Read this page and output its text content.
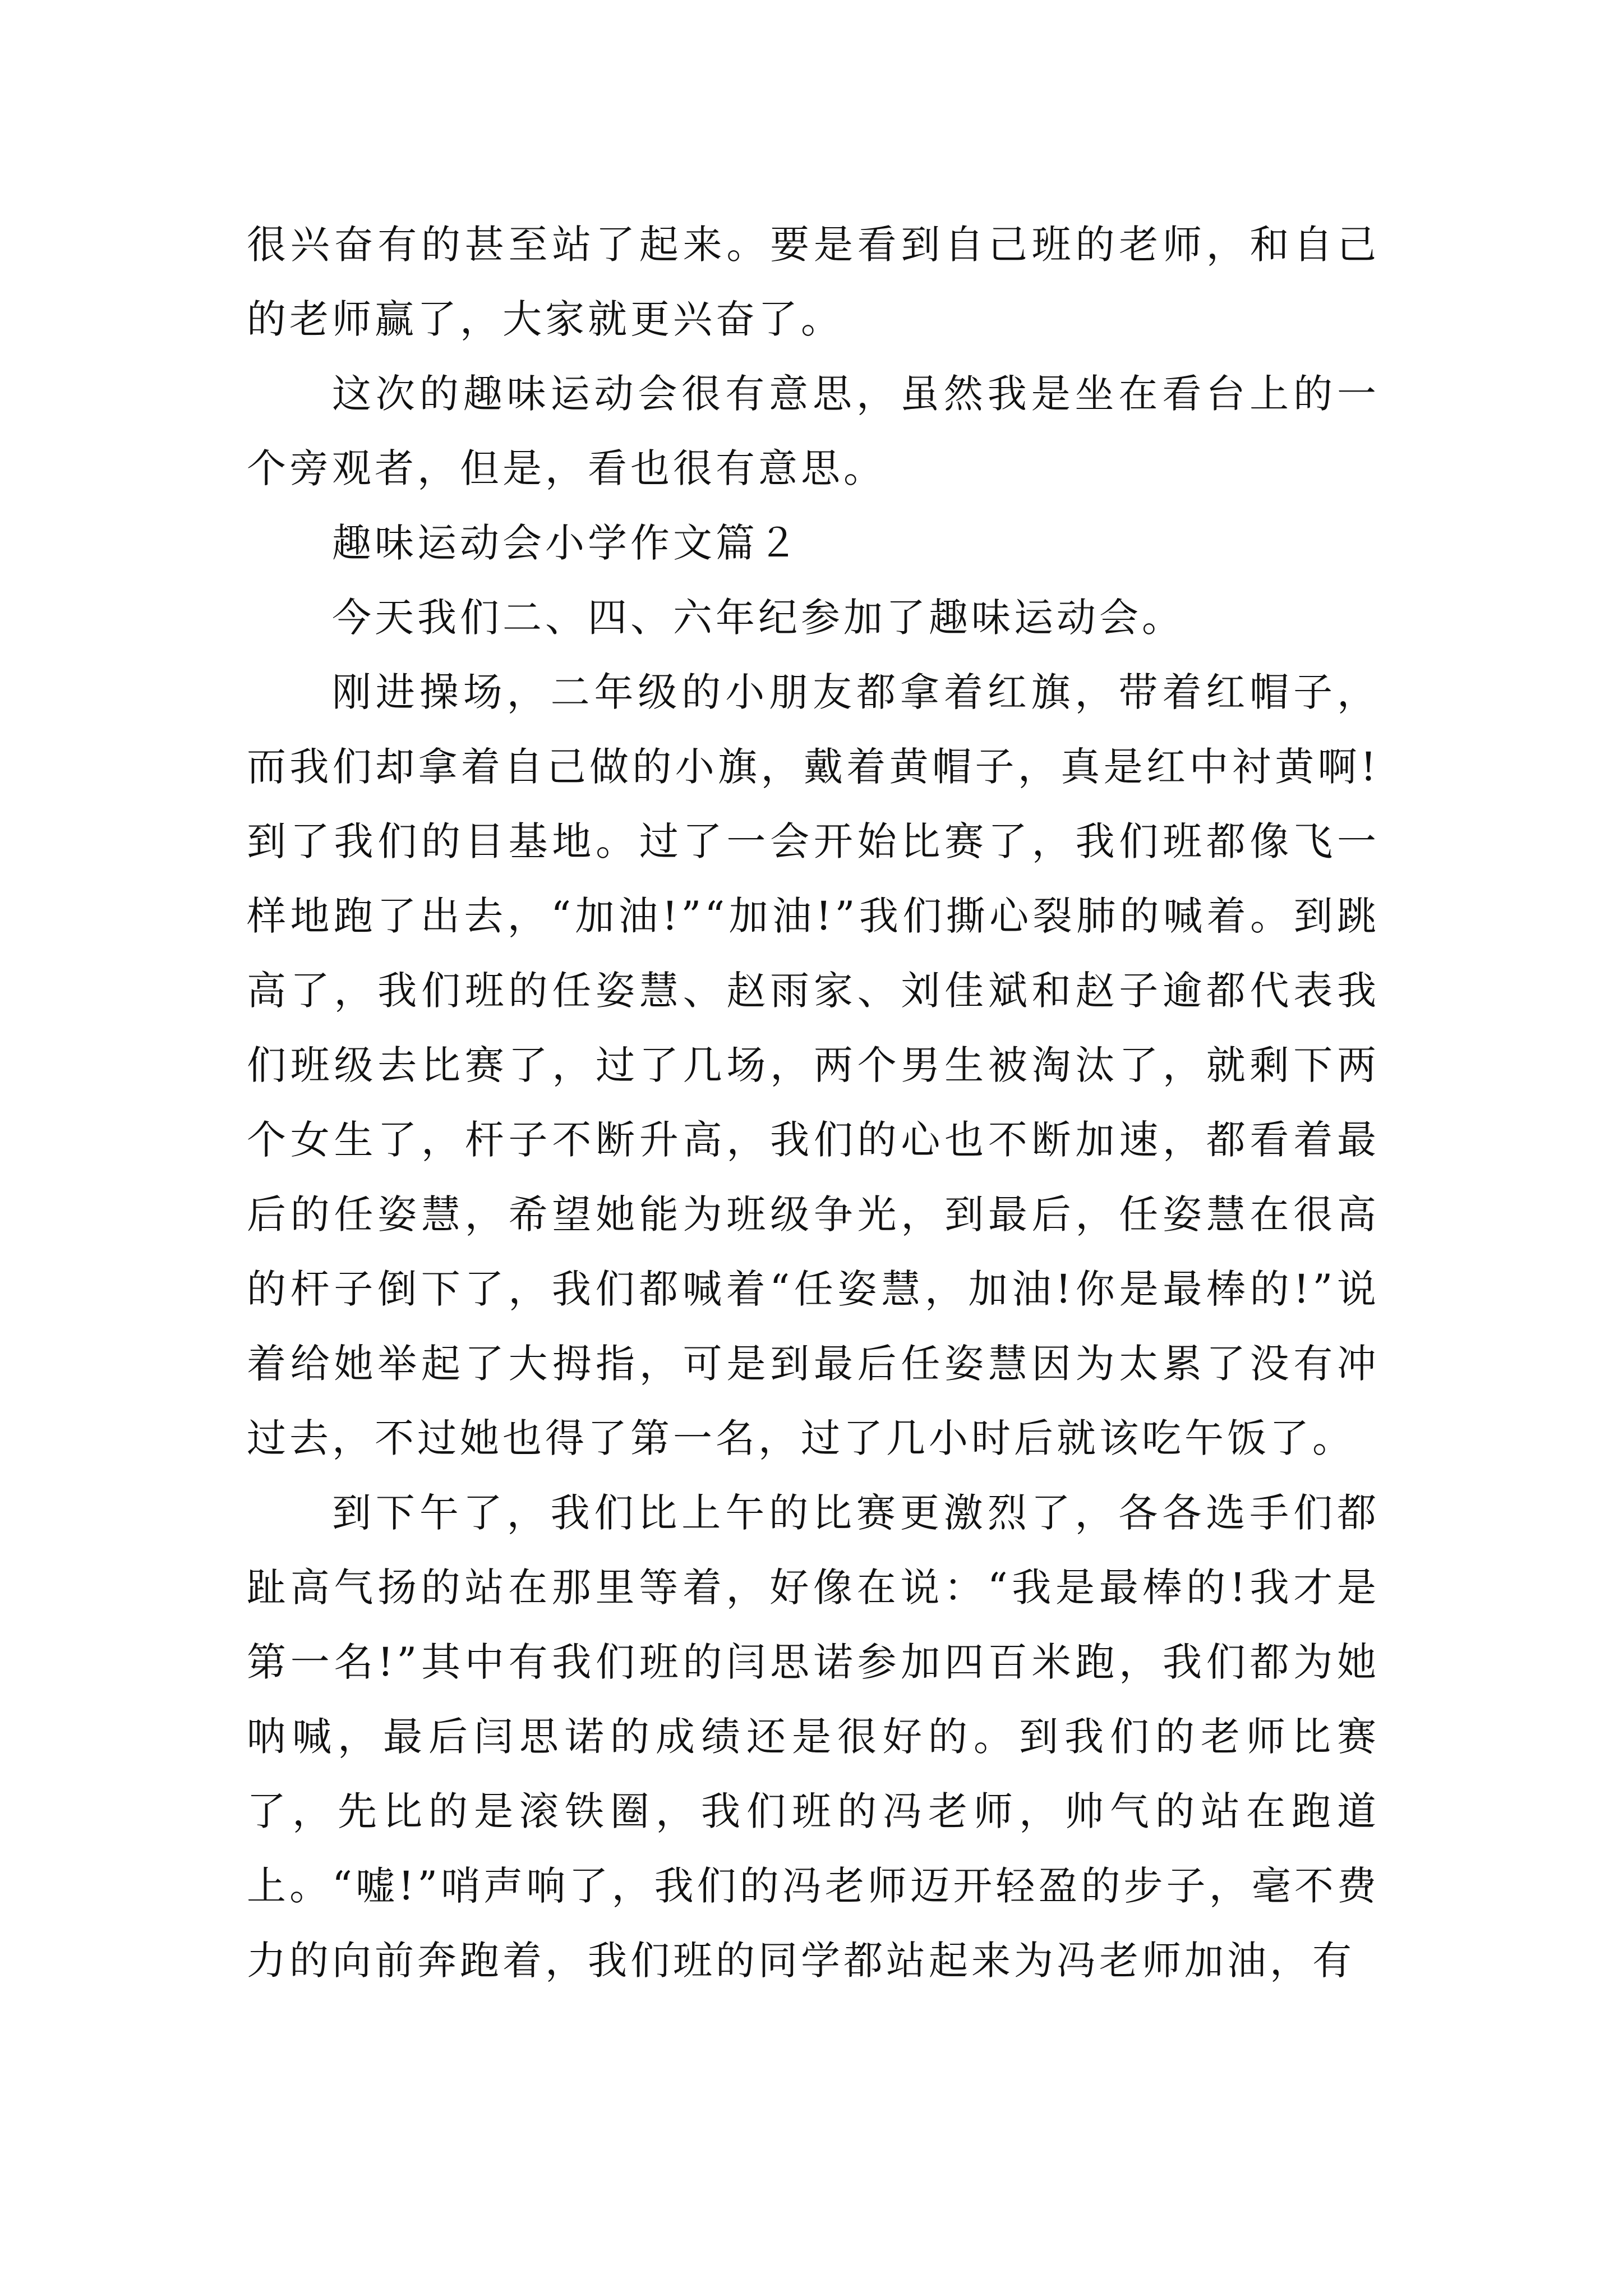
很兴奋有的甚至站了起来。要是看到自己班的老师，和自己的老师赢了，大家就更兴奋了。

这次的趣味运动会很有意思，虽然我是坐在看台上的一个旁观者，但是，看也很有意思。

趣味运动会小学作文篇２

今天我们二、四、六年纪参加了趣味运动会。

刚进操场，二年级的小朋友都拿着红旗，带着红帽子，而我们却拿着自己做的小旗，戴着黄帽子，真是红中衬黄啊!到了我们的目基地。过了一会开始比赛了，我们班都像飞一样地跑了出去，“加油!”“加油!”我们撕心裂肺的喊着。到跳高了，我们班的任姿慧、赵雨家、刘佳斌和赵子逾都代表我们班级去比赛了，过了几场，两个男生被淘汰了，就剩下两个女生了，杆子不断升高，我们的心也不断加速，都看着最后的任姿慧，希望她能为班级争光，到最后，任姿慧在很高的杆子倒下了，我们都喊着“任姿慧，加油!你是最棒的!”说着给她举起了大拇指，可是到最后任姿慧因为太累了没有冲过去，不过她也得了第一名，过了几小时后就该吃午饭了。

到下午了，我们比上午的比赛更激烈了，各各选手们都趾高气扬的站在那里等着，好像在说：“我是最棒的!我才是第一名!”其中有我们班的闫思诺参加四百米跑，我们都为她呐喊，最后闫思诺的成绩还是很好的。到我们的老师比赛了，先比的是滚铁圈，我们班的冯老师，帅气的站在跑道上。“嘘!”哨声响了，我们的冯老师迈开轻盈的步子，毫不费力的向前奔跑着，我们班的同学都站起来为冯老师加油，有
